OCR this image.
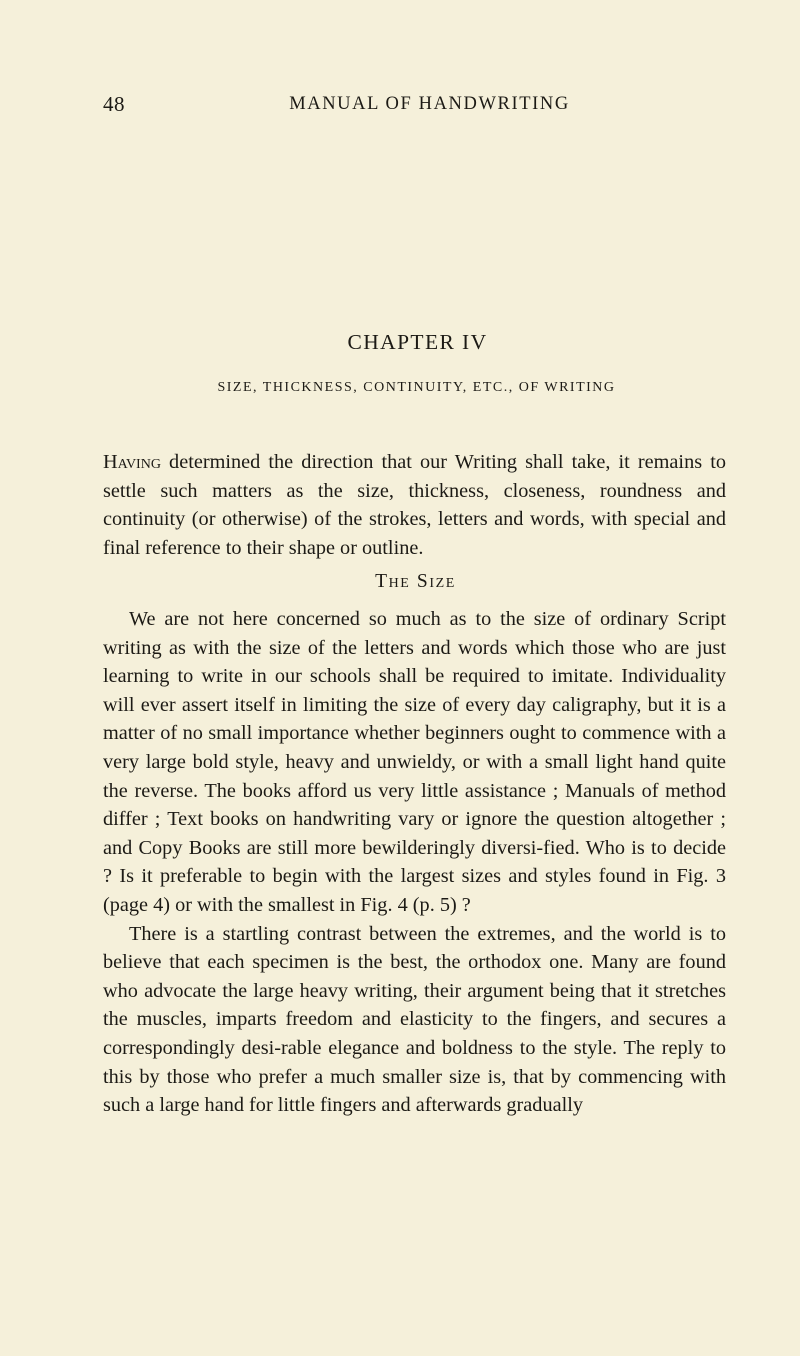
48	MANUAL OF HANDWRITING
CHAPTER IV
SIZE, THICKNESS, CONTINUITY, ETC., OF WRITING

Having determined the direction that our Writing shall take, it remains to settle such matters as the size, thickness, closeness, roundness and continuity (or otherwise) of the strokes, letters and words, with special and final reference to their shape or outline.

The Size

We are not here concerned so much as to the size of ordinary Script writing as with the size of the letters and words which those who are just learning to write in our schools shall be required to imitate. Individuality will ever assert itself in limiting the size of every day caligraphy, but it is a matter of no small importance whether beginners ought to commence with a very large bold style, heavy and unwieldy, or with a small light hand quite the reverse. The books afford us very little assistance ; Manuals of method differ ; Text books on handwriting vary or ignore the question altogether ; and Copy Books are still more bewilderingly diversi-fied. Who is to decide ? Is it preferable to begin with the largest sizes and styles found in Fig. 3 (page 4) or with the smallest in Fig. 4 (p. 5) ?

There is a startling contrast between the extremes, and the world is to believe that each specimen is the best, the orthodox one. Many are found who advocate the large heavy writing, their argument being that it stretches the muscles, imparts freedom and elasticity to the fingers, and secures a correspondingly desi-rable elegance and boldness to the style. The reply to this by those who prefer a much smaller size is, that by commencing with such a large hand for little fingers and afterwards gradually
